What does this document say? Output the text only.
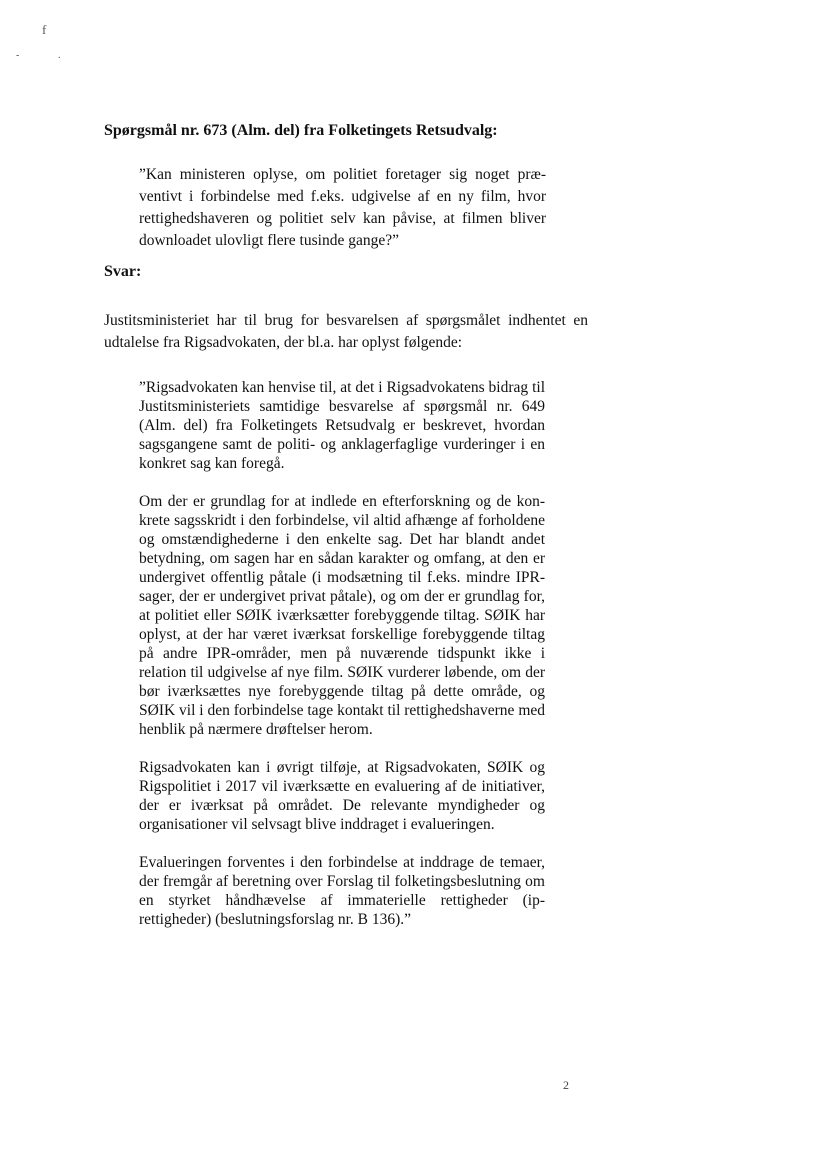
f
-	.
Spørgsmål nr. 673 (Alm. del) fra Folketingets Retsudvalg:
”Kan ministeren oplyse, om politiet foretager sig noget præventivt i forbindelse med f.eks. udgivelse af en ny film, hvor rettighedshaveren og politiet selv kan påvise, at filmen bliver downloadet ulovligt flere tusinde gange?”
Svar:
Justitsministeriet har til brug for besvarelsen af spørgsmålet indhentet en udtalelse fra Rigsadvokaten, der bl.a. har oplyst følgende:

”Rigsadvokaten kan henvise til, at det i Rigsadvokatens bidrag til Justitsministeriets samtidige besvarelse af spørgsmål nr. 649 (Alm. del) fra Folketingets Retsudvalg er beskrevet, hvordan sagsgangene samt de politi- og anklagerfaglige vurderinger i en konkret sag kan foregå.

Om der er grundlag for at indlede en efterforskning og de konkrete sagsskridt i den forbindelse, vil altid afhænge af forholdene og omstændighederne i den enkelte sag. Det har blandt andet betydning, om sagen har en sådan karakter og omfang, at den er undergivet offentlig påtale (i modsætning til f.eks. mindre IPR-sager, der er undergivet privat påtale), og om der er grundlag for, at politiet eller SØIK iværksætter forebyggende tiltag. SØIK har oplyst, at der har været iværksat forskellige forebyggende tiltag på andre IPR-områder, men på nuværende tidspunkt ikke i relation til udgivelse af nye film. SØIK vurderer løbende, om der bør iværksættes nye forebyggende tiltag på dette område, og SØIK vil i den forbindelse tage kontakt til rettighedshaverne med henblik på nærmere drøftelser herom.

Rigsadvokaten kan i øvrigt tilføje, at Rigsadvokaten, SØIK og Rigspolitiet i 2017 vil iværksætte en evaluering af de initiativer, der er iværksat på området. De relevante myndigheder og organisationer vil selvsagt blive inddraget i evalueringen.

Evalueringen forventes i den forbindelse at inddrage de temaer, der fremgår af beretning over Forslag til folketingsbeslutning om en styrket håndhævelse af immaterielle rettigheder (ip-rettigheder) (beslutningsforslag nr. B 136).”

2
